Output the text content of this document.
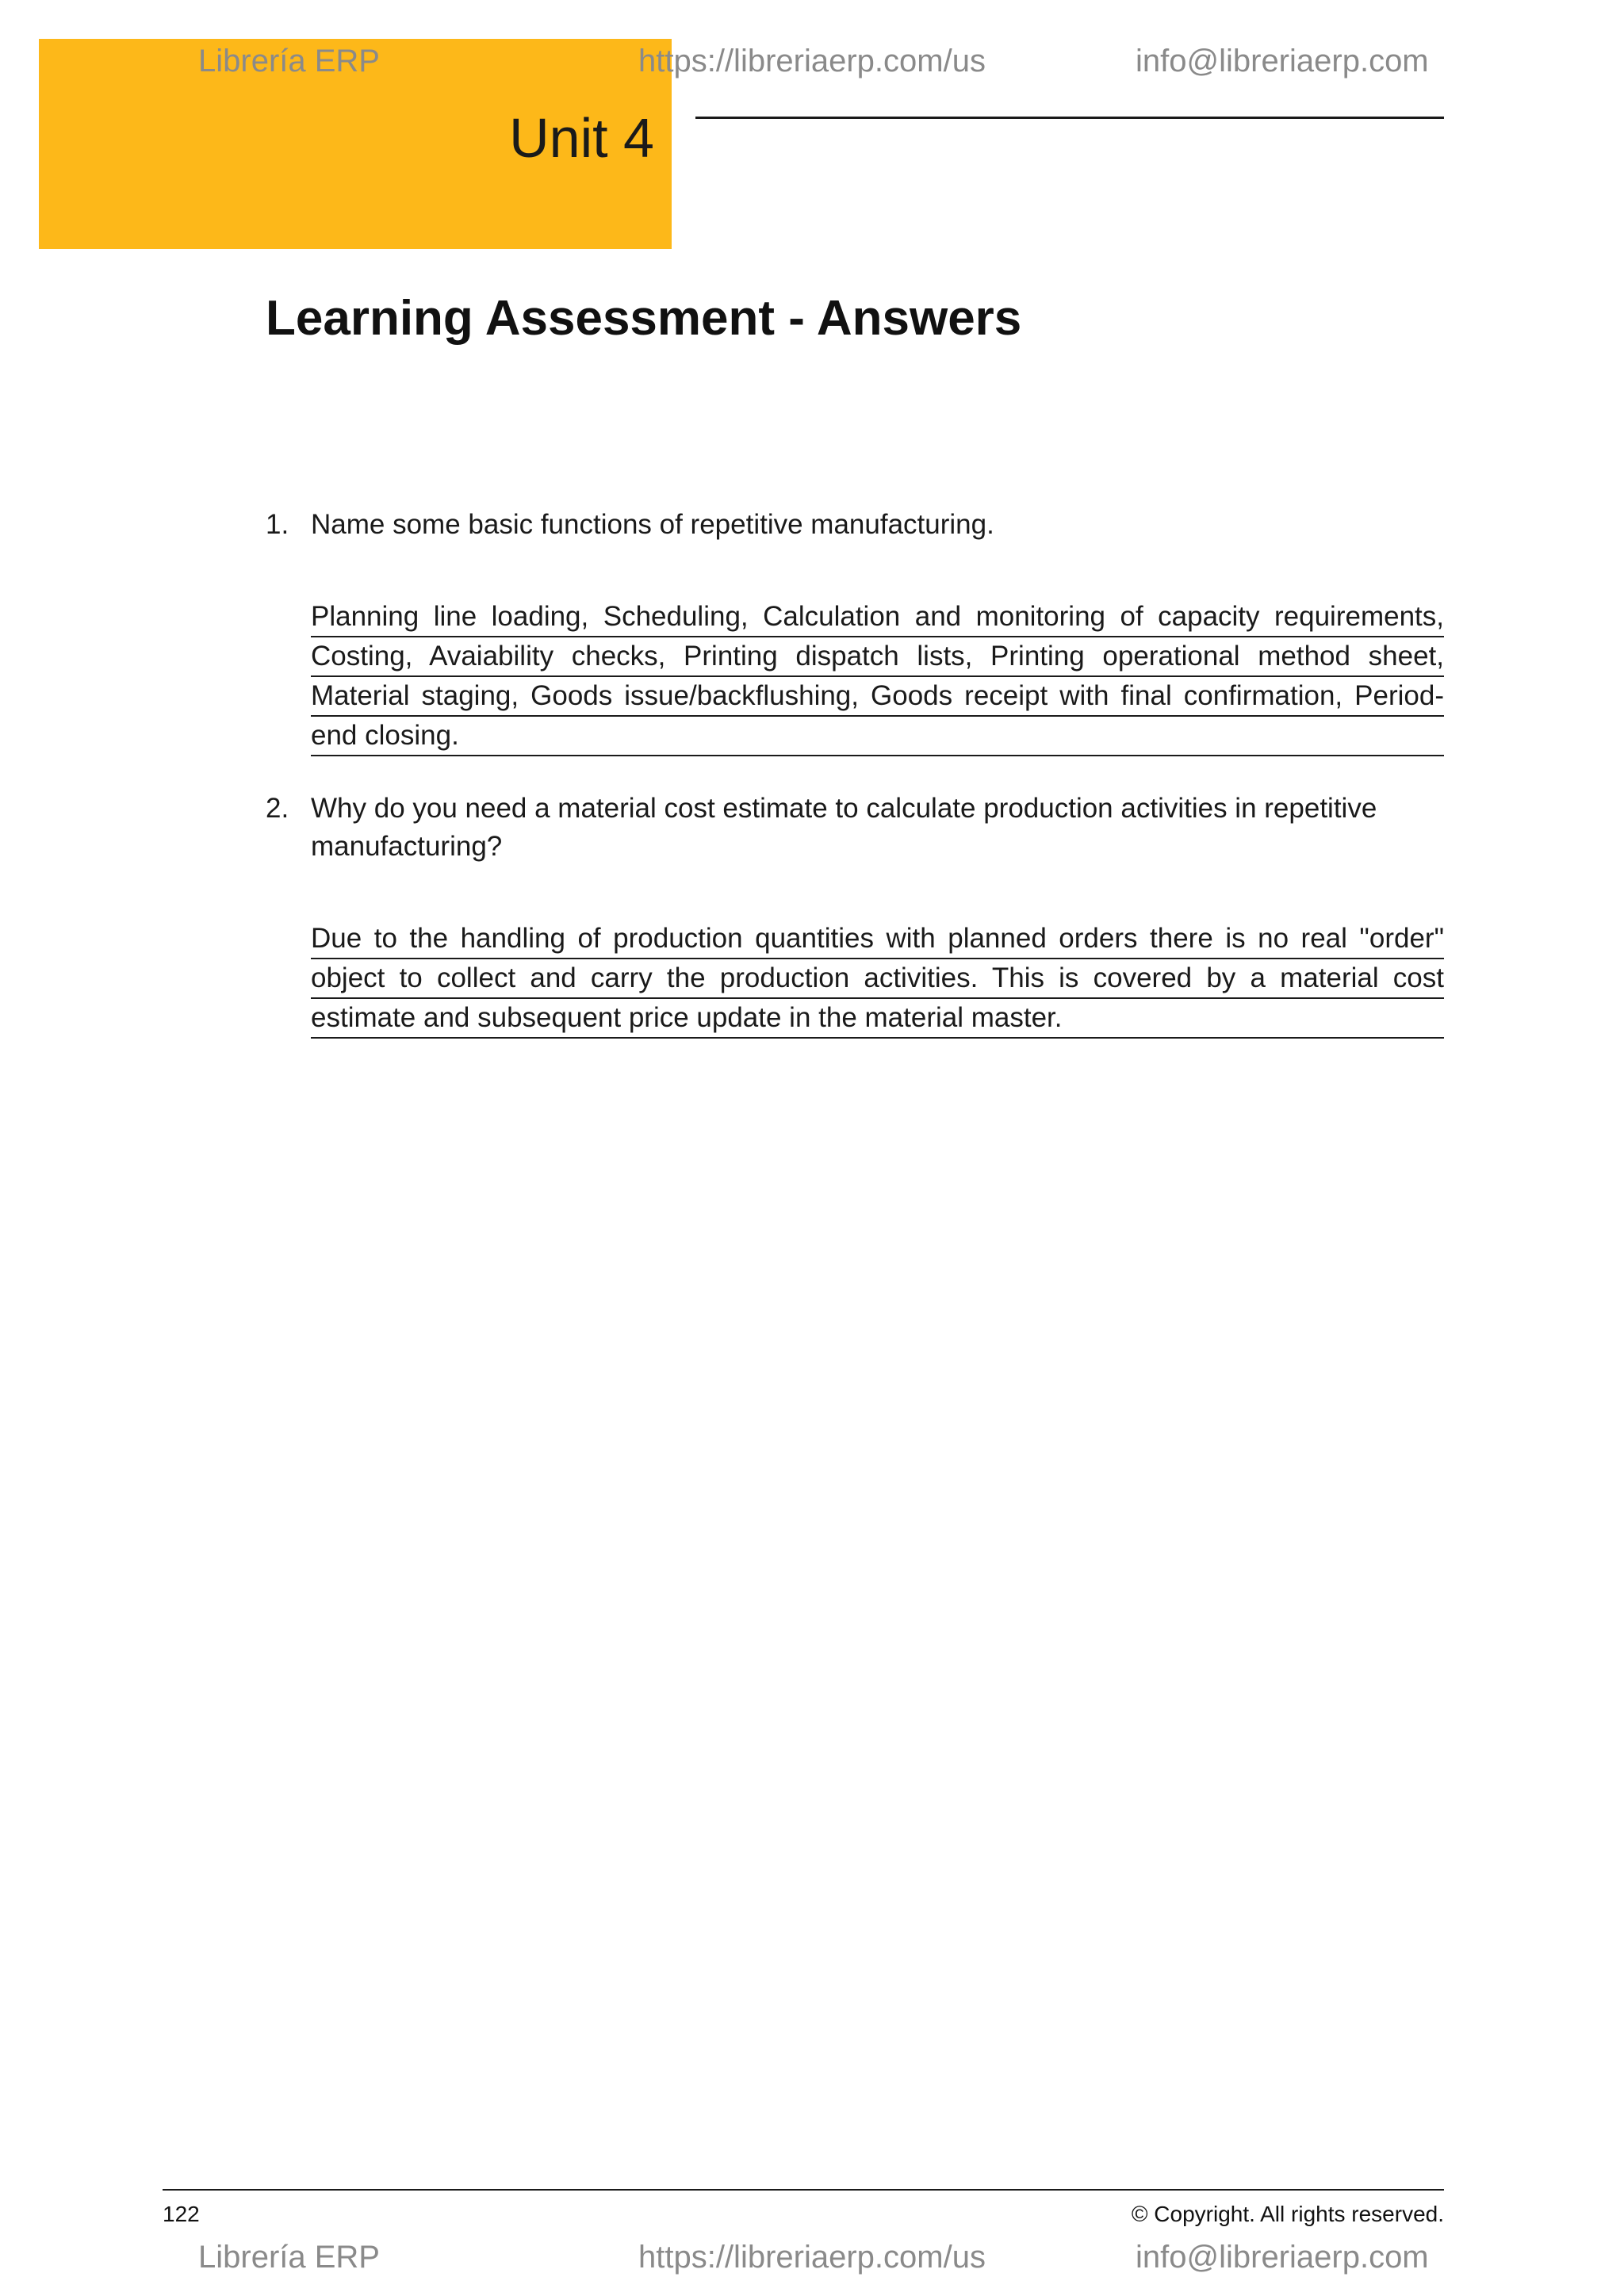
Unit 4
Librería ERP	https://libreriaerp.com/us	info@libreriaerp.com
Learning Assessment - Answers
1. Name some basic functions of repetitive manufacturing.
Planning line loading, Scheduling, Calculation and monitoring of capacity requirements,
Costing, Avaiability checks, Printing dispatch lists, Printing operational method sheet,
Material staging, Goods issue/backflushing, Goods receipt with final confirmation, Period-
end closing.
2. Why do you need a material cost estimate to calculate production activities in repetitive
manufacturing?
Due to the handling of production quantities with planned orders there is no real "order"
object to collect and carry the production activities. This is covered by a material cost
estimate and subsequent price update in the material master.
122	© Copyright. All rights reserved.
Librería ERP	https://libreriaerp.com/us	info@libreriaerp.com
